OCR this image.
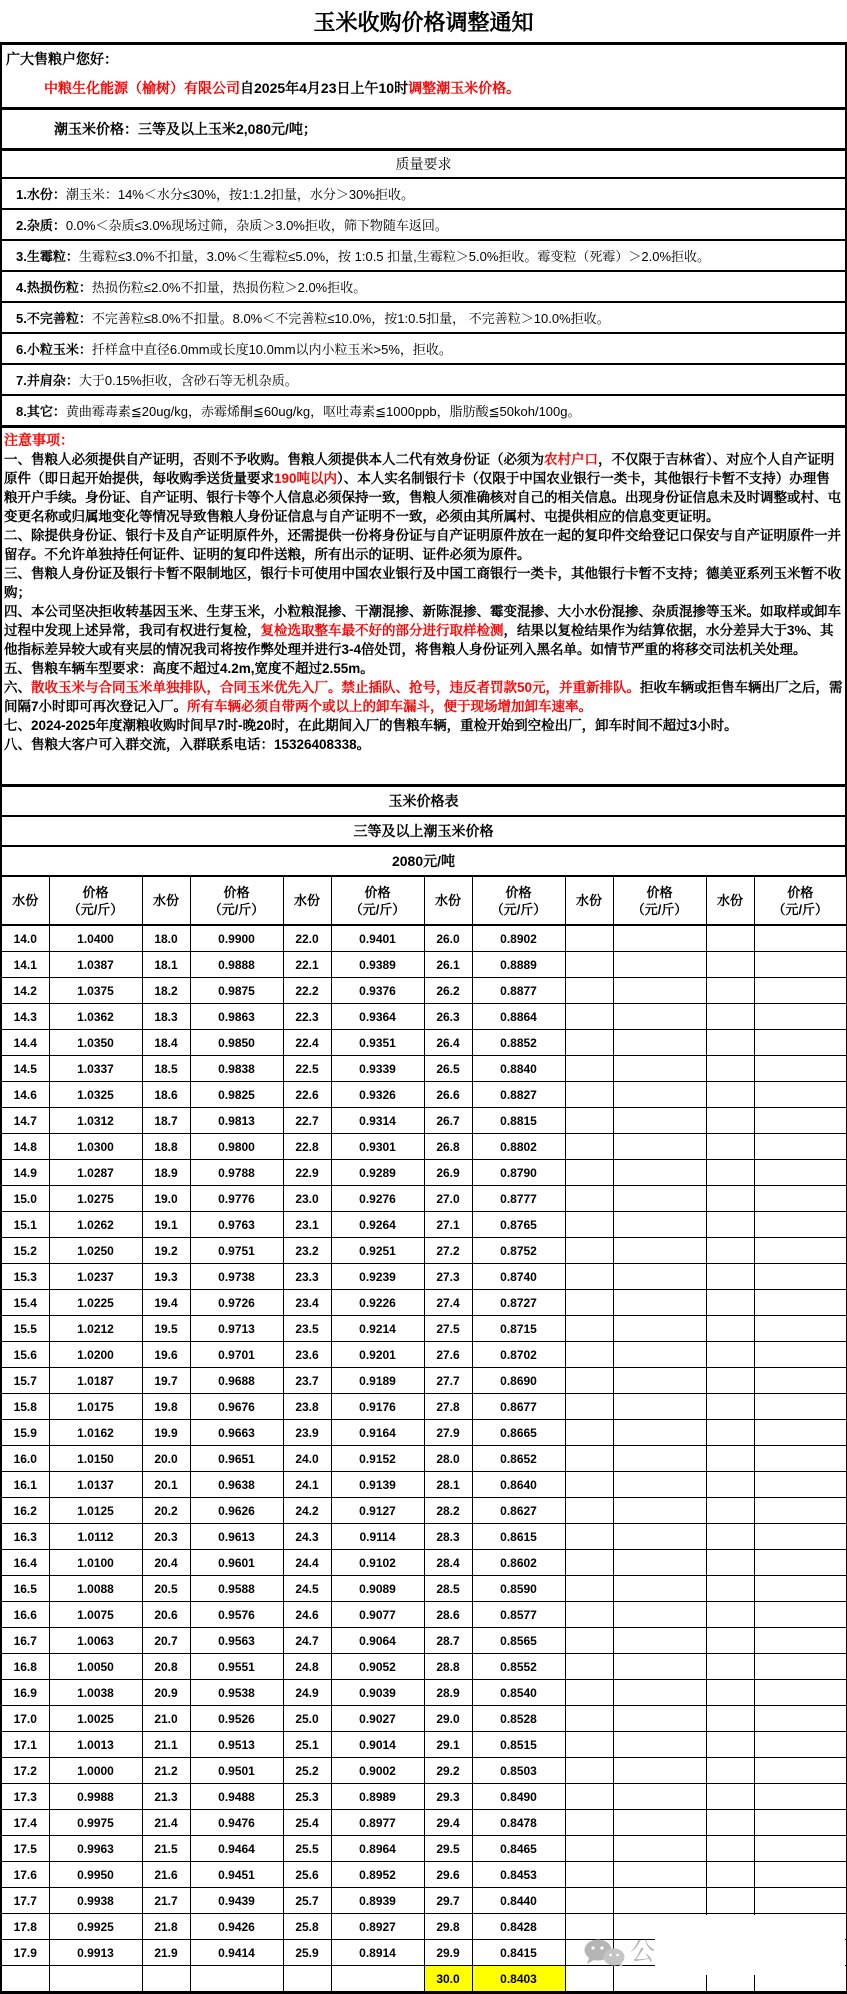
玉米收购价格调整通知
广大售粮户您好：
中粮生化能源（榆树）有限公司自2025年4月23日上午10时调整潮玉米价格。
潮玉米价格：三等及以上玉米2,080元/吨；
质量要求
1.水份：潮玉米：14%＜水分≤30%，按1:1.2扣量，水分＞30%拒收。
2.杂质：0.0%＜杂质≤3.0%现场过筛，杂质＞3.0%拒收，筛下物随车返回。
3.生霉粒：生霉粒≤3.0%不扣量，3.0%＜生霉粒≤5.0%，按 1:0.5 扣量,生霉粒＞5.0%拒收。霉变粒（死霉）＞2.0%拒收。
4.热损伤粒：热损伤粒≤2.0%不扣量，热损伤粒＞2.0%拒收。
5.不完善粒：不完善粒≤8.0%不扣量。8.0%＜不完善粒≤10.0%，按1:0.5扣量， 不完善粒＞10.0%拒收。
6.小粒玉米：扦样盒中直径6.0mm或长度10.0mm以内小粒玉米>5%，拒收。
7.并肩杂：大于0.15%拒收，含砂石等无机杂质。
8.其它：黄曲霉毒素≦20ug/kg，赤霉烯酮≦60ug/kg，呕吐毒素≦1000ppb，脂肪酸≦50koh/100g。
注意事项：
一、售粮人必须提供自产证明，否则不予收购。售粮人须提供本人二代有效身份证（必须为农村户口，不仅限于吉林省）、对应个人自产证明原件（即日起开始提供，每收购季送货量要求190吨以内）、本人实名制银行卡（仅限于中国农业银行一类卡，其他银行卡暂不支持）办理售粮开户手续。身份证、自产证明、银行卡等个人信息必须保持一致，售粮人须准确核对自己的相关信息。出现身份证信息未及时调整或村、屯变更名称或归属地变化等情况导致售粮人身份证信息与自产证明不一致，必须由其所属村、屯提供相应的信息变更证明。
二、除提供身份证、银行卡及自产证明原件外，还需提供一份将身份证与自产证明原件放在一起的复印件交给登记口保安与自产证明原件一并留存。不允许单独持任何证件、证明的复印件送粮，所有出示的证明、证件必须为原件。
三、售粮人身份证及银行卡暂不限制地区，银行卡可使用中国农业银行及中国工商银行一类卡，其他银行卡暂不支持；德美亚系列玉米暂不收购；
四、本公司坚决拒收转基因玉米、生芽玉米，小粒粮混掺、干潮混掺、新陈混掺、霉变混掺、大小水份混掺、杂质混掺等玉米。如取样或卸车过程中发现上述异常，我司有权进行复检，复检选取整车最不好的部分进行取样检测，结果以复检结果作为结算依据，水分差异大于3%、其他指标差异较大或有夹层的情况我司将按作弊处理并进行3-4倍处罚，将售粮人身份证列入黑名单。如情节严重的将移交司法机关处理。
五、售粮车辆车型要求：高度不超过4.2m,宽度不超过2.55m。
六、散收玉米与合同玉米单独排队，合同玉米优先入厂。禁止插队、抢号，违反者罚款50元，并重新排队。拒收车辆或拒售车辆出厂之后，需间隔7小时即可再次登记入厂。所有车辆必须自带两个或以上的卸车漏斗，便于现场增加卸车速率。
七、2024-2025年度潮粮收购时间早7时-晚20时，在此期间入厂的售粮车辆，重检开始到空检出厂，卸车时间不超过3小时。
八、售粮大客户可入群交流，入群联系电话：15326408338。
玉米价格表
三等及以上潮玉米价格
2080元/吨
水份	价格
（元/斤）	水份	价格
（元/斤）	水份	价格
（元/斤）	水份	价格
（元/斤）	水份	价格
（元/斤）	水份	价格
（元/斤）
14.0	1.0400	18.0	0.9900	22.0	0.9401	26.0	0.8902				
14.1	1.0387	18.1	0.9888	22.1	0.9389	26.1	0.8889				
14.2	1.0375	18.2	0.9875	22.2	0.9376	26.2	0.8877				
14.3	1.0362	18.3	0.9863	22.3	0.9364	26.3	0.8864				
14.4	1.0350	18.4	0.9850	22.4	0.9351	26.4	0.8852				
14.5	1.0337	18.5	0.9838	22.5	0.9339	26.5	0.8840				
14.6	1.0325	18.6	0.9825	22.6	0.9326	26.6	0.8827				
14.7	1.0312	18.7	0.9813	22.7	0.9314	26.7	0.8815				
14.8	1.0300	18.8	0.9800	22.8	0.9301	26.8	0.8802				
14.9	1.0287	18.9	0.9788	22.9	0.9289	26.9	0.8790				
15.0	1.0275	19.0	0.9776	23.0	0.9276	27.0	0.8777				
15.1	1.0262	19.1	0.9763	23.1	0.9264	27.1	0.8765				
15.2	1.0250	19.2	0.9751	23.2	0.9251	27.2	0.8752				
15.3	1.0237	19.3	0.9738	23.3	0.9239	27.3	0.8740				
15.4	1.0225	19.4	0.9726	23.4	0.9226	27.4	0.8727				
15.5	1.0212	19.5	0.9713	23.5	0.9214	27.5	0.8715				
15.6	1.0200	19.6	0.9701	23.6	0.9201	27.6	0.8702				
15.7	1.0187	19.7	0.9688	23.7	0.9189	27.7	0.8690				
15.8	1.0175	19.8	0.9676	23.8	0.9176	27.8	0.8677				
15.9	1.0162	19.9	0.9663	23.9	0.9164	27.9	0.8665				
16.0	1.0150	20.0	0.9651	24.0	0.9152	28.0	0.8652				
16.1	1.0137	20.1	0.9638	24.1	0.9139	28.1	0.8640				
16.2	1.0125	20.2	0.9626	24.2	0.9127	28.2	0.8627				
16.3	1.0112	20.3	0.9613	24.3	0.9114	28.3	0.8615				
16.4	1.0100	20.4	0.9601	24.4	0.9102	28.4	0.8602				
16.5	1.0088	20.5	0.9588	24.5	0.9089	28.5	0.8590				
16.6	1.0075	20.6	0.9576	24.6	0.9077	28.6	0.8577				
16.7	1.0063	20.7	0.9563	24.7	0.9064	28.7	0.8565				
16.8	1.0050	20.8	0.9551	24.8	0.9052	28.8	0.8552				
16.9	1.0038	20.9	0.9538	24.9	0.9039	28.9	0.8540				
17.0	1.0025	21.0	0.9526	25.0	0.9027	29.0	0.8528				
17.1	1.0013	21.1	0.9513	25.1	0.9014	29.1	0.8515				
17.2	1.0000	21.2	0.9501	25.2	0.9002	29.2	0.8503				
17.3	0.9988	21.3	0.9488	25.3	0.8989	29.3	0.8490				
17.4	0.9975	21.4	0.9476	25.4	0.8977	29.4	0.8478				
17.5	0.9963	21.5	0.9464	25.5	0.8964	29.5	0.8465				
17.6	0.9950	21.6	0.9451	25.6	0.8952	29.6	0.8453				
17.7	0.9938	21.7	0.9439	25.7	0.8939	29.7	0.8440				
17.8	0.9925	21.8	0.9426	25.8	0.8927	29.8	0.8428				
17.9	0.9913	21.9	0.9414	25.9	0.8914	29.9	0.8415				
						30.0	0.8403				
公
